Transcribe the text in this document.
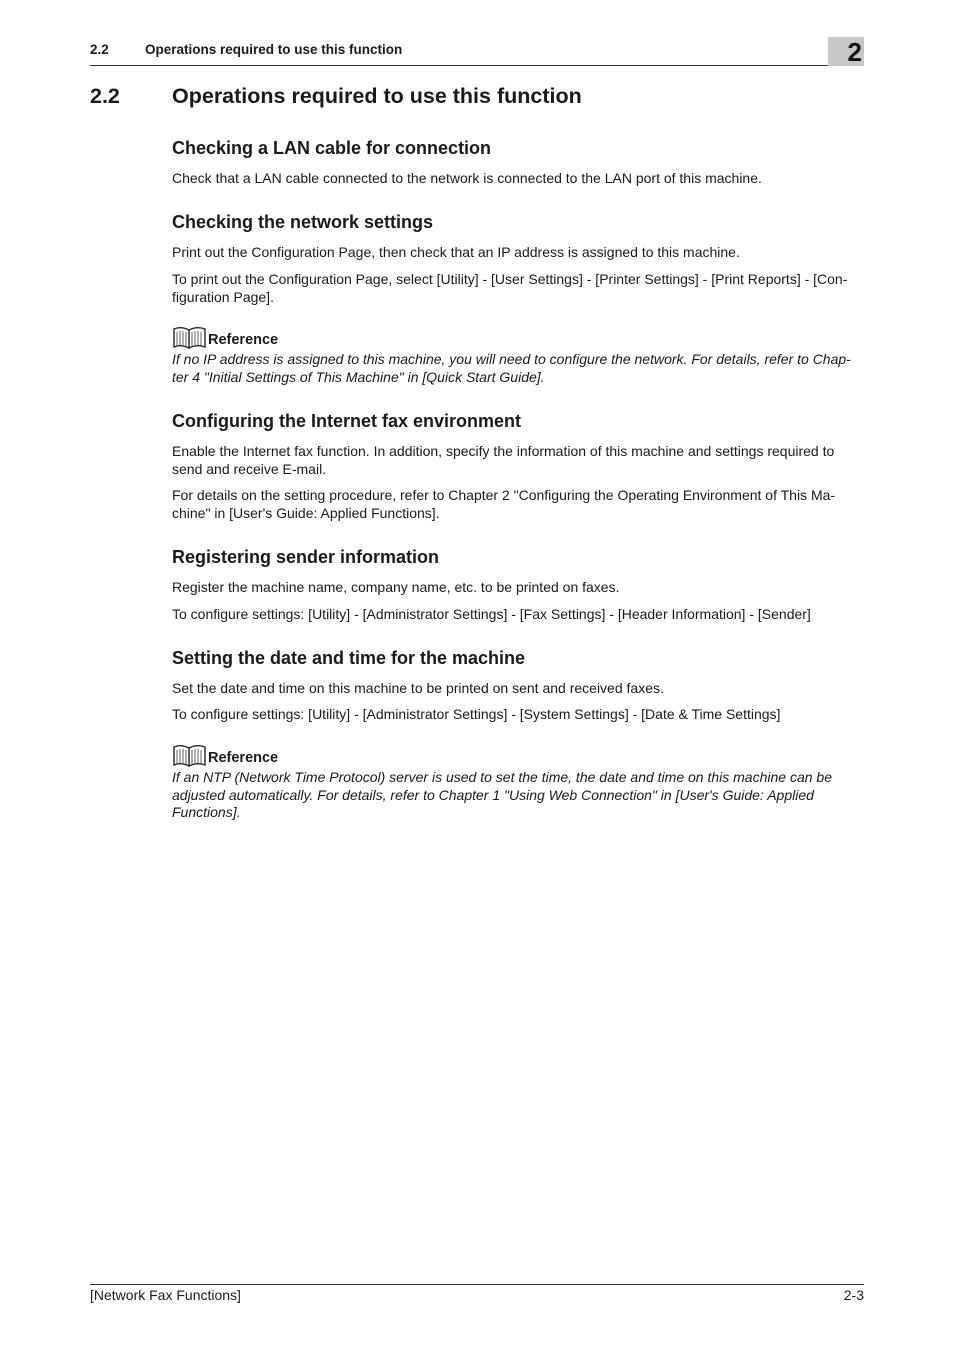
2.2	Operations required to use this function	2
2.2 Operations required to use this function
Checking a LAN cable for connection
Check that a LAN cable connected to the network is connected to the LAN port of this machine.
Checking the network settings
Print out the Configuration Page, then check that an IP address is assigned to this machine.
To print out the Configuration Page, select [Utility] - [User Settings] - [Printer Settings] - [Print Reports] - [Con-figuration Page].
Reference
If no IP address is assigned to this machine, you will need to configure the network. For details, refer to Chap-ter 4 "Initial Settings of This Machine" in [Quick Start Guide].
Configuring the Internet fax environment
Enable the Internet fax function. In addition, specify the information of this machine and settings required to send and receive E-mail.
For details on the setting procedure, refer to Chapter 2 "Configuring the Operating Environment of This Ma-chine" in [User's Guide: Applied Functions].
Registering sender information
Register the machine name, company name, etc. to be printed on faxes.
To configure settings: [Utility] - [Administrator Settings] - [Fax Settings] - [Header Information] - [Sender]
Setting the date and time for the machine
Set the date and time on this machine to be printed on sent and received faxes.
To configure settings: [Utility] - [Administrator Settings] - [System Settings] - [Date & Time Settings]
Reference
If an NTP (Network Time Protocol) server is used to set the time, the date and time on this machine can be adjusted automatically. For details, refer to Chapter 1 "Using Web Connection" in [User's Guide: Applied Functions].
[Network Fax Functions]	2-3
